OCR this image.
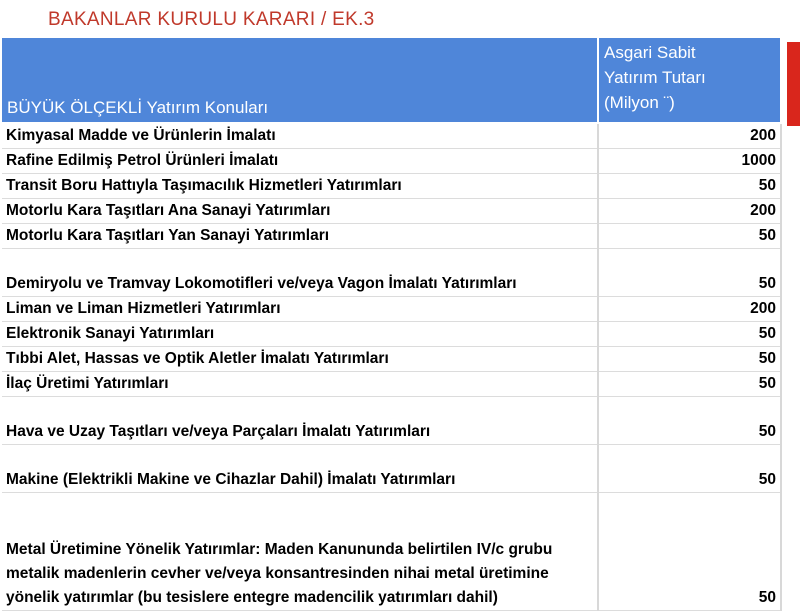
BAKANLAR KURULU KARARI / EK.3
BÜYÜK ÖLÇEKLİ Yatırım Konuları	Asgari Sabit
Yatırım Tutarı
(Milyon ¨)

Kimyasal Madde ve Ürünlerin İmalatı	200
Rafine Edilmiş Petrol Ürünleri İmalatı	1000
Transit Boru Hattıyla Taşımacılık Hizmetleri Yatırımları	50
Motorlu Kara Taşıtları Ana Sanayi Yatırımları	200
Motorlu Kara Taşıtları Yan Sanayi Yatırımları	50
Demiryolu ve Tramvay Lokomotifleri ve/veya Vagon İmalatı Yatırımları	50
Liman ve Liman Hizmetleri Yatırımları	200
Elektronik Sanayi Yatırımları	50
Tıbbi Alet, Hassas ve Optik Aletler İmalatı Yatırımları	50
İlaç Üretimi Yatırımları	50
Hava ve Uzay Taşıtları ve/veya Parçaları İmalatı Yatırımları	50
Makine (Elektrikli Makine ve Cihazlar Dahil) İmalatı Yatırımları	50
Metal Üretimine Yönelik Yatırımlar: Maden Kanununda belirtilen IV/c grubu metalik madenlerin cevher ve/veya konsantresinden nihai metal üretimine yönelik yatırımlar (bu tesislere entegre madencilik yatırımları dahil)	50
